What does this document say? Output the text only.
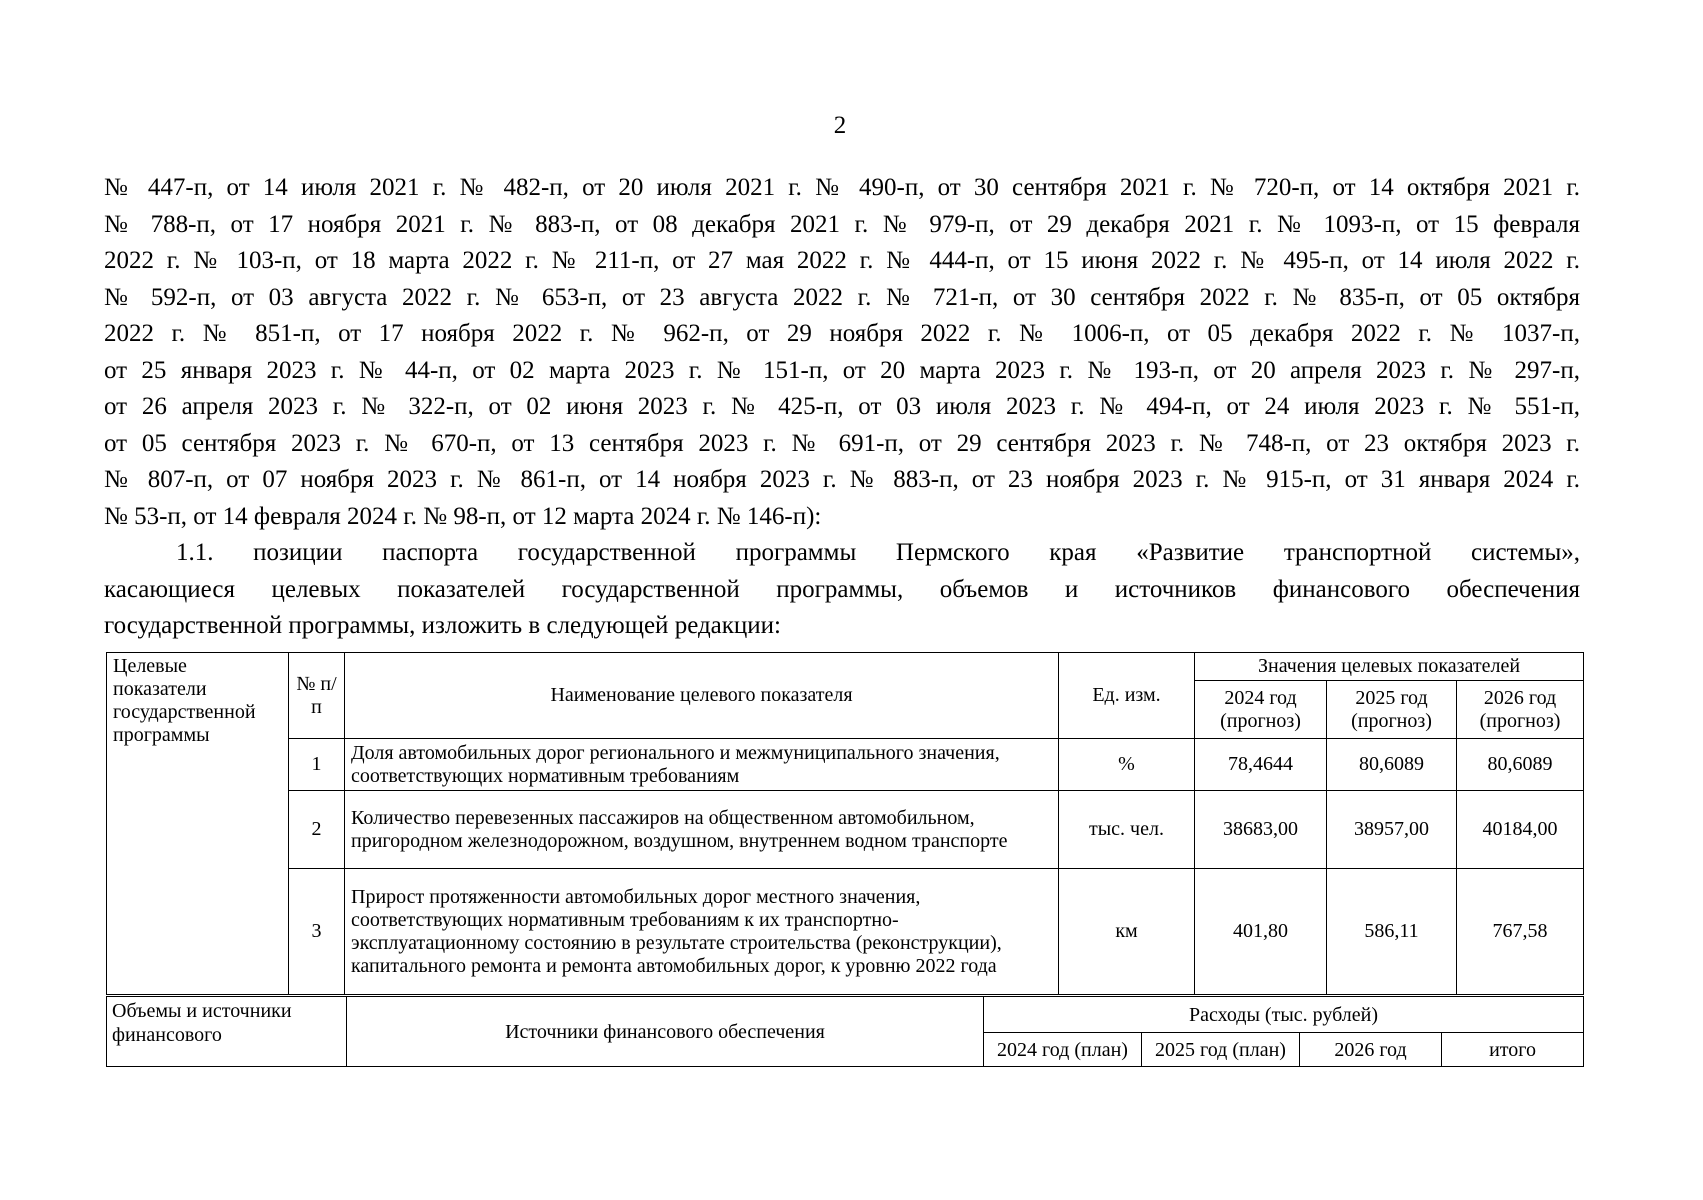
2

№ 447-п, от 14 июля 2021 г. № 482-п, от 20 июля 2021 г. № 490-п, от 30 сентября 2021 г. № 720-п, от 14 октября 2021 г.

№ 788-п, от 17 ноября 2021 г. № 883-п, от 08 декабря 2021 г. № 979-п, от 29 декабря 2021 г. № 1093-п, от 15 февраля

2022 г. № 103-п, от 18 марта 2022 г. № 211-п, от 27 мая 2022 г. № 444-п, от 15 июня 2022 г. № 495-п, от 14 июля 2022 г.

№ 592-п, от 03 августа 2022 г. № 653-п, от 23 августа 2022 г. № 721-п, от 30 сентября 2022 г. № 835-п, от 05 октября

2022 г. № 851-п, от 17 ноября 2022 г. № 962-п, от 29 ноября 2022 г. № 1006-п, от 05 декабря 2022 г. № 1037-п,

от 25 января 2023 г. № 44-п, от 02 марта 2023 г. № 151-п, от 20 марта 2023 г. № 193-п, от 20 апреля 2023 г. № 297-п,

от 26 апреля 2023 г. № 322-п, от 02 июня 2023 г. № 425-п, от 03 июля 2023 г. № 494-п, от 24 июля 2023 г. № 551-п,

от 05 сентября 2023 г. № 670-п, от 13 сентября 2023 г. № 691-п, от 29 сентября 2023 г. № 748-п, от 23 октября 2023 г.

№ 807-п, от 07 ноября 2023 г. № 861-п, от 14 ноября 2023 г. № 883-п, от 23 ноября 2023 г. № 915-п, от 31 января 2024 г.

№ 53-п, от 14 февраля 2024 г. № 98-п, от 12 марта 2024 г. № 146-п):

1.1. позиции паспорта государственной программы Пермского края «Развитие транспортной системы»,

касающиеся целевых показателей государственной программы, объемов и источников финансового обеспечения

государственной программы, изложить в следующей редакции:

Целевые показатели государственной программы	№ п/п	Наименование целевого показателя	Ед. изм.	Значения целевых показателей		
				2024 год (прогноз)	2025 год (прогноз)	2026 год (прогноз)
	1	Доля автомобильных дорог регионального и межмуниципального значения, соответствующих нормативным требованиям	%	78,4644	80,6089	80,6089
	2	Количество перевезенных пассажиров на общественном автомобильном, пригородном железнодорожном, воздушном, внутреннем водном транспорте	тыс. чел.	38683,00	38957,00	40184,00
	3	Прирост протяженности автомобильных дорог местного значения, соответствующих нормативным требованиям к их транспортно-эксплуатационному состоянию в результате строительства (реконструкции), капитального ремонта и ремонта автомобильных дорог, к уровню 2022 года	км	401,80	586,11	767,58
Объемы и источники финансового	Источники финансового обеспечения	Расходы (тыс. рублей)			
		2024 год (план)	2025 год (план)	2026 год	итого
